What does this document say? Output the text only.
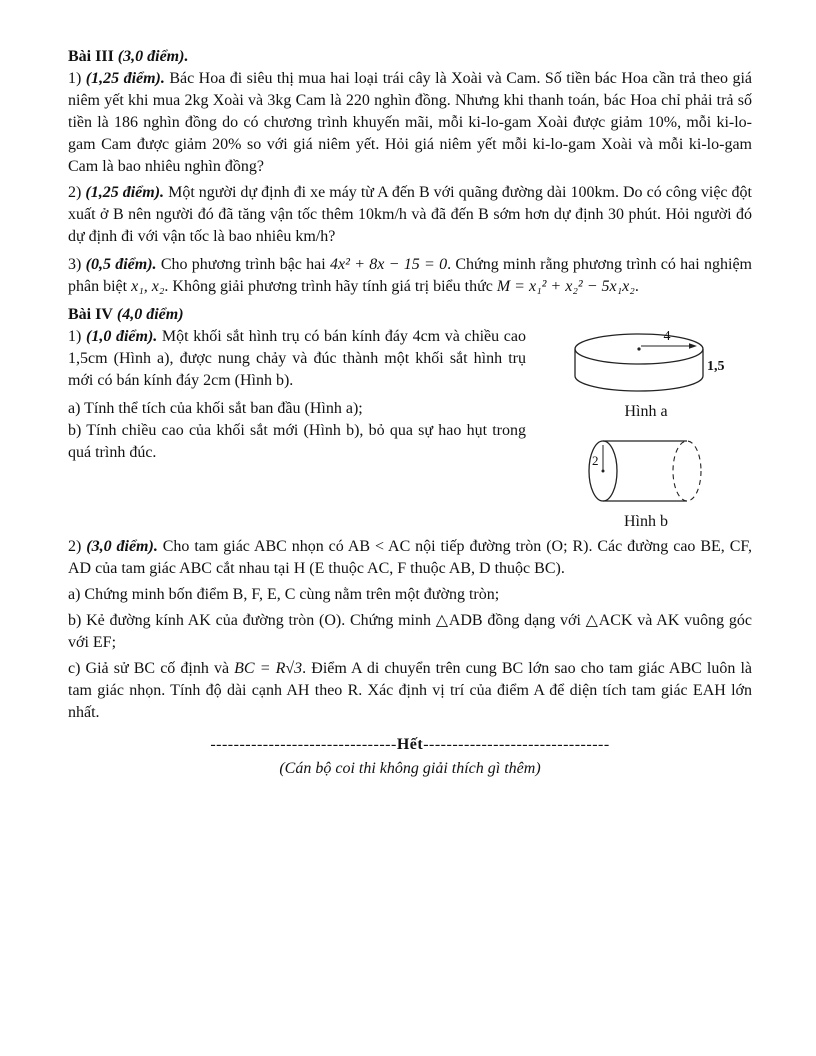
Bài III (3,0 điểm).

1) (1,25 điểm). Bác Hoa đi siêu thị mua hai loại trái cây là Xoài và Cam. Số tiền bác Hoa cần trả theo giá niêm yết khi mua 2kg Xoài và 3kg Cam là 220 nghìn đồng. Nhưng khi thanh toán, bác Hoa chỉ phải trả số tiền là 186 nghìn đồng do có chương trình khuyến mãi, mỗi ki-lo-gam Xoài được giảm 10%, mỗi ki-lo-gam Cam được giảm 20% so với giá niêm yết. Hỏi giá niêm yết mỗi ki-lo-gam Xoài và mỗi ki-lo-gam Cam là bao nhiêu nghìn đồng?

2) (1,25 điểm). Một người dự định đi xe máy từ A đến B với quãng đường dài 100km. Do có công việc đột xuất ở B nên người đó đã tăng vận tốc thêm 10km/h và đã đến B sớm hơn dự định 30 phút. Hỏi người đó dự định đi với vận tốc là bao nhiêu km/h?

3) (0,5 điểm). Cho phương trình bậc hai 4x² + 8x − 15 = 0. Chứng minh rằng phương trình có hai nghiệm phân biệt x₁, x₂. Không giải phương trình hãy tính giá trị biểu thức M = x₁² + x₂² − 5x₁x₂.

Bài IV (4,0 điểm)

4
1,5
Hình a
2
Hình b

1) (1,0 điểm). Một khối sắt hình trụ có bán kính đáy 4cm và chiều cao 1,5cm (Hình a), được nung chảy và đúc thành một khối sắt hình trụ mới có bán kính đáy 2cm (Hình b).

a) Tính thể tích của khối sắt ban đầu (Hình a);

b) Tính chiều cao của khối sắt mới (Hình b), bỏ qua sự hao hụt trong quá trình đúc.

2) (3,0 điểm). Cho tam giác ABC nhọn có AB < AC nội tiếp đường tròn (O; R). Các đường cao BE, CF, AD của tam giác ABC cắt nhau tại H (E thuộc AC, F thuộc AB, D thuộc BC).

a) Chứng minh bốn điểm B, F, E, C cùng nằm trên một đường tròn;

b) Kẻ đường kính AK của đường tròn (O). Chứng minh △ADB đồng dạng với △ACK và AK vuông góc với EF;

c) Giả sử BC cố định và BC = R√3. Điểm A di chuyển trên cung BC lớn sao cho tam giác ABC luôn là tam giác nhọn. Tính độ dài cạnh AH theo R. Xác định vị trí của điểm A để diện tích tam giác EAH lớn nhất.

--------------------------------Hết--------------------------------

(Cán bộ coi thi không giải thích gì thêm)
